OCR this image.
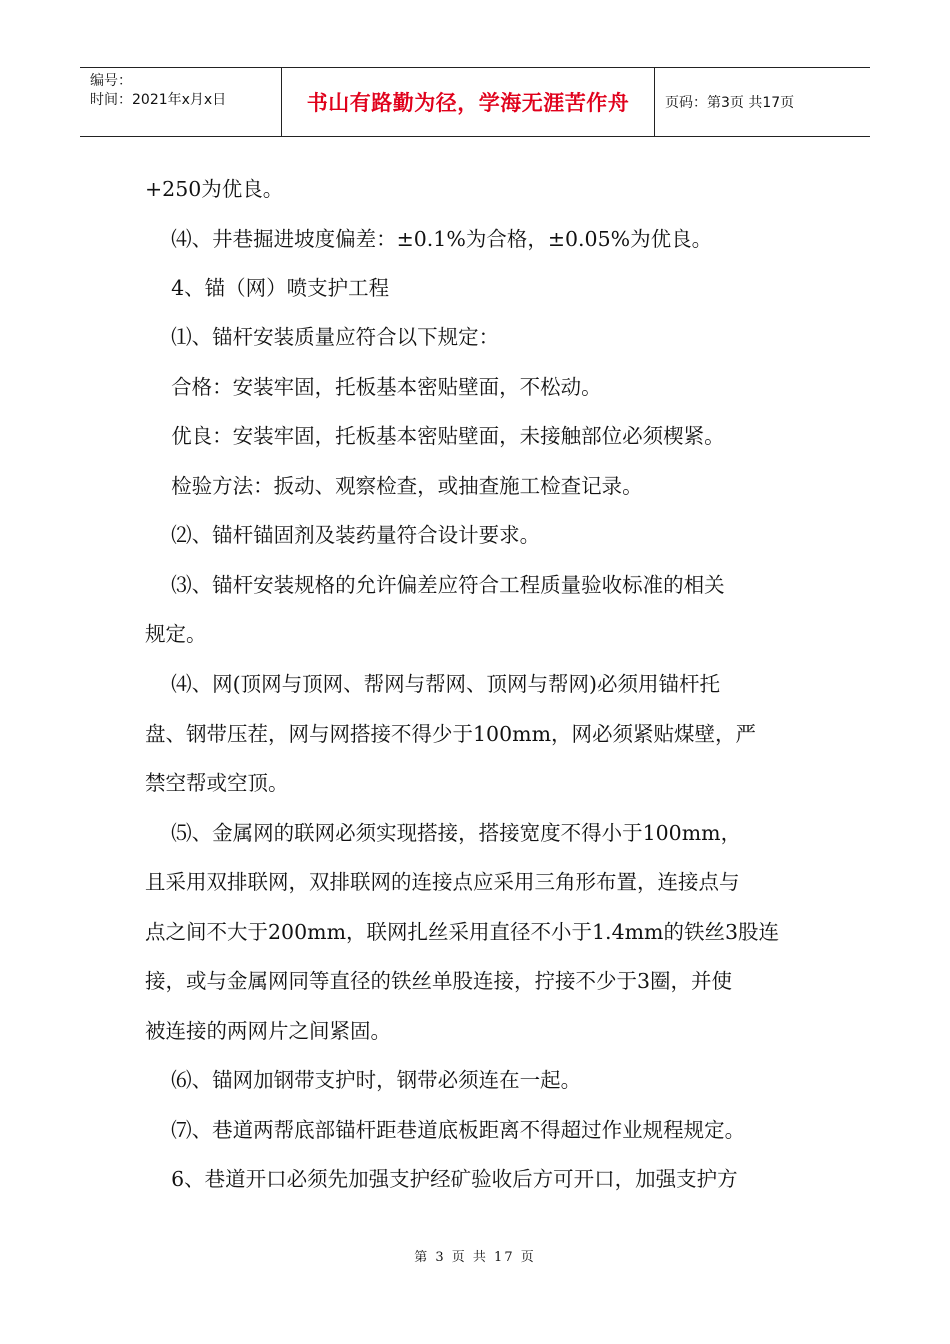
编号：
时间：2021年x月x日	书山有路勤为径，学海无涯苦作舟	页码：第3页 共17页
+250为优良。
⑷、井巷掘进坡度偏差：±0.1%为合格，±0.05%为优良。
4、锚（网）喷支护工程
⑴、锚杆安装质量应符合以下规定：
合格：安装牢固，托板基本密贴壁面，不松动。
优良：安装牢固，托板基本密贴壁面，未接触部位必须楔紧。
检验方法：扳动、观察检查，或抽查施工检查记录。
⑵、锚杆锚固剂及装药量符合设计要求。
⑶、锚杆安装规格的允许偏差应符合工程质量验收标准的相关
规定。
⑷、网(顶网与顶网、帮网与帮网、顶网与帮网)必须用锚杆托
盘、钢带压茬，网与网搭接不得少于100mm，网必须紧贴煤壁，严
禁空帮或空顶。
⑸、金属网的联网必须实现搭接，搭接宽度不得小于100mm，
且采用双排联网，双排联网的连接点应采用三角形布置，连接点与
点之间不大于200mm，联网扎丝采用直径不小于1.4mm的铁丝3股连
接，或与金属网同等直径的铁丝单股连接，拧接不少于3圈，并使
被连接的两网片之间紧固。
⑹、锚网加钢带支护时，钢带必须连在一起。
⑺、巷道两帮底部锚杆距巷道底板距离不得超过作业规程规定。
6、巷道开口必须先加强支护经矿验收后方可开口，加强支护方
第 3 页 共 17 页
